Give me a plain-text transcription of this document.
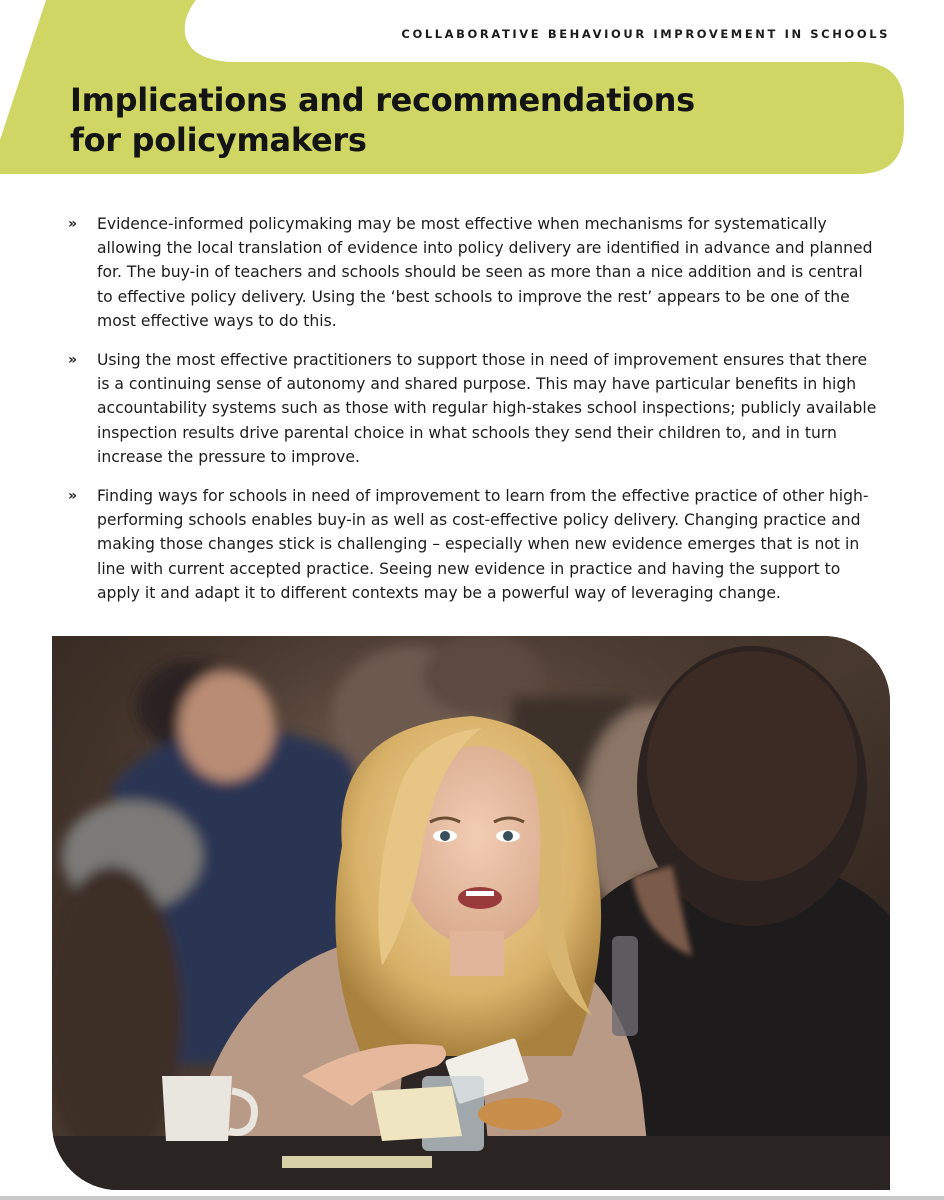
COLLABORATIVE BEHAVIOUR IMPROVEMENT IN SCHOOLS
Implications and recommendations
for policymakers
» Evidence-informed policymaking may be most effective when mechanisms for systematically allowing the local translation of evidence into policy delivery are identified in advance and planned for. The buy-in of teachers and schools should be seen as more than a nice addition and is central to effective policy delivery. Using the ‘best schools to improve the rest’ appears to be one of the most effective ways to do this.
» Using the most effective practitioners to support those in need of improvement ensures that there is a continuing sense of autonomy and shared purpose. This may have particular benefits in high accountability systems such as those with regular high-stakes school inspections; publicly available inspection results drive parental choice in what schools they send their children to, and in turn increase the pressure to improve.
» Finding ways for schools in need of improvement to learn from the effective practice of other high-performing schools enables buy-in as well as cost-effective policy delivery. Changing practice and making those changes stick is challenging – especially when new evidence emerges that is not in line with current accepted practice. Seeing new evidence in practice and having the support to apply it and adapt it to different contexts may be a powerful way of leveraging change.
